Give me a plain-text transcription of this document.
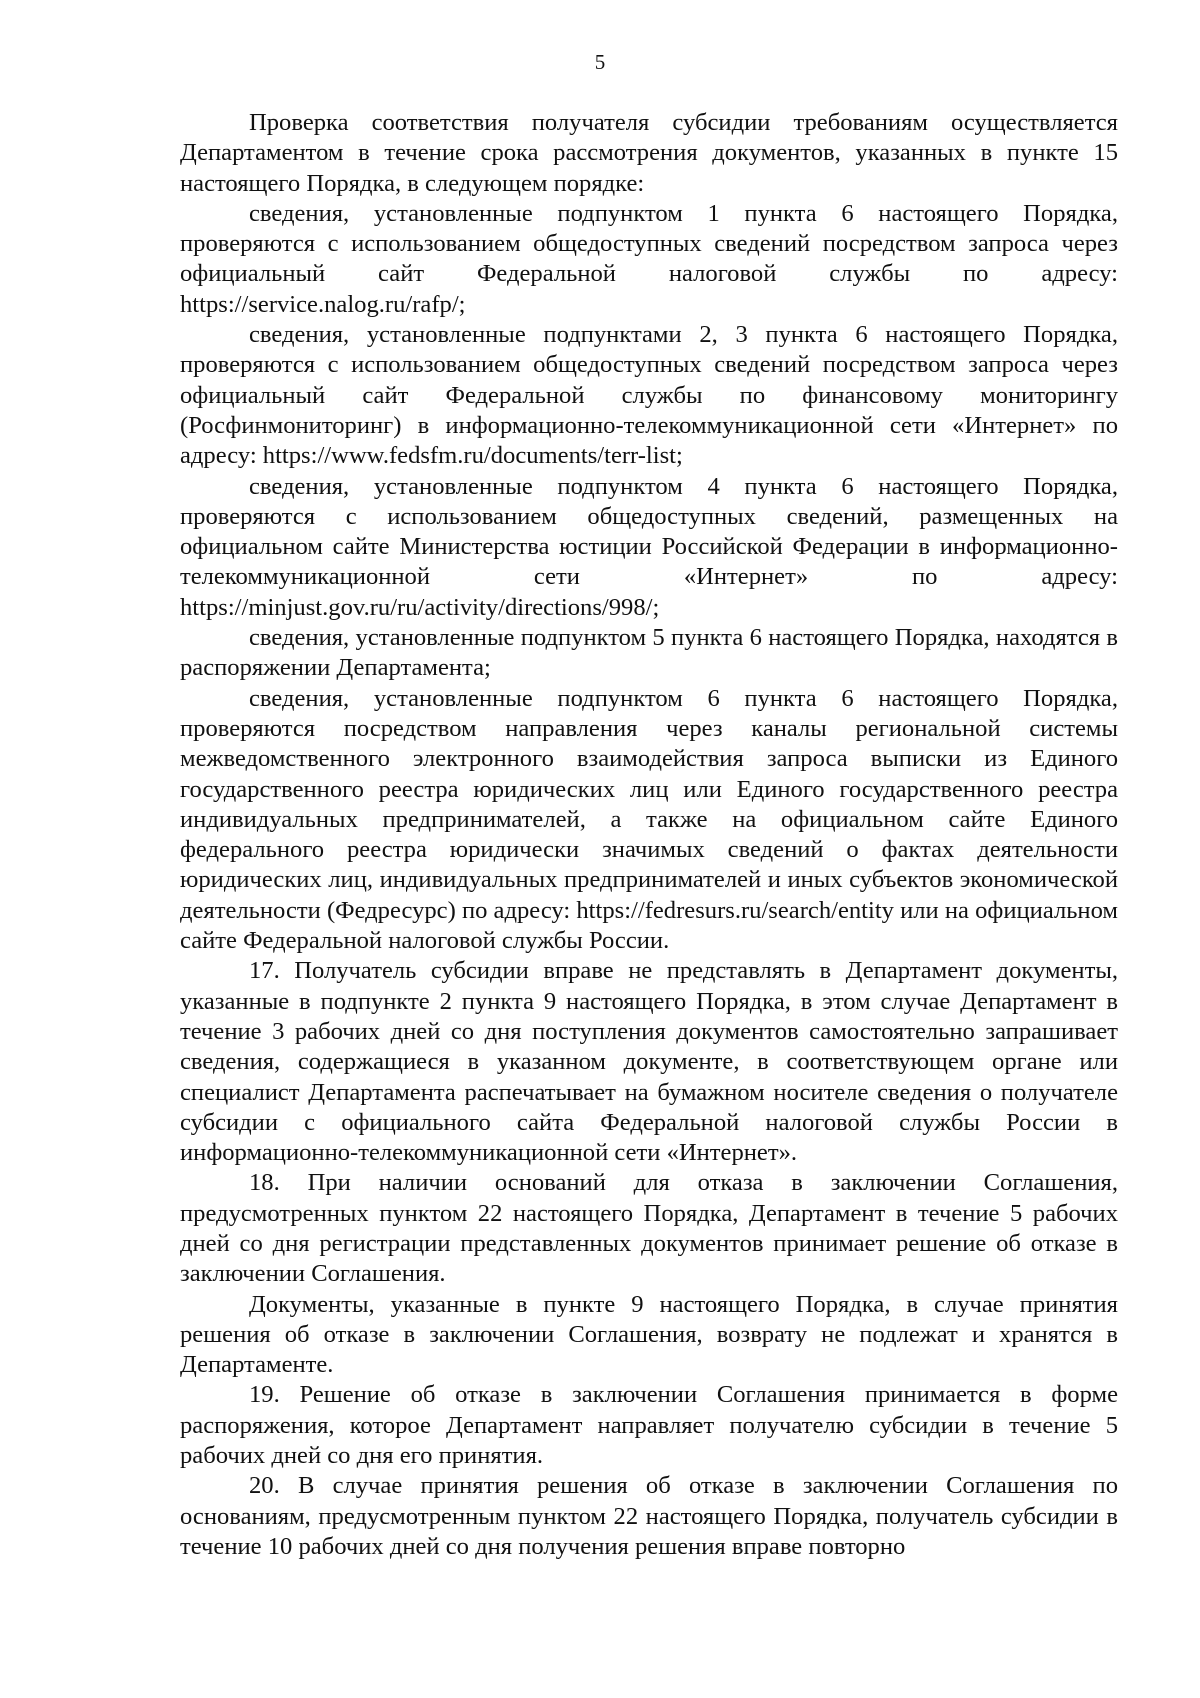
5

Проверка соответствия получателя субсидии требованиям осуществляется Департаментом в течение срока рассмотрения документов, указанных в пункте 15 настоящего Порядка, в следующем порядке:

сведения, установленные подпунктом 1 пункта 6 настоящего Порядка, проверяются с использованием общедоступных сведений посредством запроса через официальный сайт Федеральной налоговой службы по адресу: https://service.nalog.ru/rafp/;

сведения, установленные подпунктами 2, 3 пункта 6 настоящего Порядка, проверяются с использованием общедоступных сведений посредством запроса через официальный сайт Федеральной службы по финансовому мониторингу (Росфинмониторинг) в информационно-телекоммуникационной сети «Интернет» по адресу: https://www.fedsfm.ru/documents/terr-list;

сведения, установленные подпунктом 4 пункта 6 настоящего Порядка, проверяются с использованием общедоступных сведений, размещенных на официальном сайте Министерства юстиции Российской Федерации в информационно-телекоммуникационной сети «Интернет» по адресу: https://minjust.gov.ru/ru/activity/directions/998/;

сведения, установленные подпунктом 5 пункта 6 настоящего Порядка, находятся в распоряжении Департамента;

сведения, установленные подпунктом 6 пункта 6 настоящего Порядка, проверяются посредством направления через каналы региональной системы межведомственного электронного взаимодействия запроса выписки из Единого государственного реестра юридических лиц или Единого государственного реестра индивидуальных предпринимателей, а также на официальном сайте Единого федерального реестра юридически значимых сведений о фактах деятельности юридических лиц, индивидуальных предпринимателей и иных субъектов экономической деятельности (Федресурс) по адресу: https://fedresurs.ru/search/entity или на официальном сайте Федеральной налоговой службы России.

17. Получатель субсидии вправе не представлять в Департамент документы, указанные в подпункте 2 пункта 9 настоящего Порядка, в этом случае Департамент в течение 3 рабочих дней со дня поступления документов самостоятельно запрашивает сведения, содержащиеся в указанном документе, в соответствующем органе или специалист Департамента распечатывает на бумажном носителе сведения о получателе субсидии с официального сайта Федеральной налоговой службы России в информационно-телекоммуникационной сети «Интернет».

18. При наличии оснований для отказа в заключении Соглашения, предусмотренных пунктом 22 настоящего Порядка, Департамент в течение 5 рабочих дней со дня регистрации представленных документов принимает решение об отказе в заключении Соглашения.

Документы, указанные в пункте 9 настоящего Порядка, в случае принятия решения об отказе в заключении Соглашения, возврату не подлежат и хранятся в Департаменте.

19. Решение об отказе в заключении Соглашения принимается в форме распоряжения, которое Департамент направляет получателю субсидии в течение 5 рабочих дней со дня его принятия.

20. В случае принятия решения об отказе в заключении Соглашения по основаниям, предусмотренным пунктом 22 настоящего Порядка, получатель субсидии в течение 10 рабочих дней со дня получения решения вправе повторно
